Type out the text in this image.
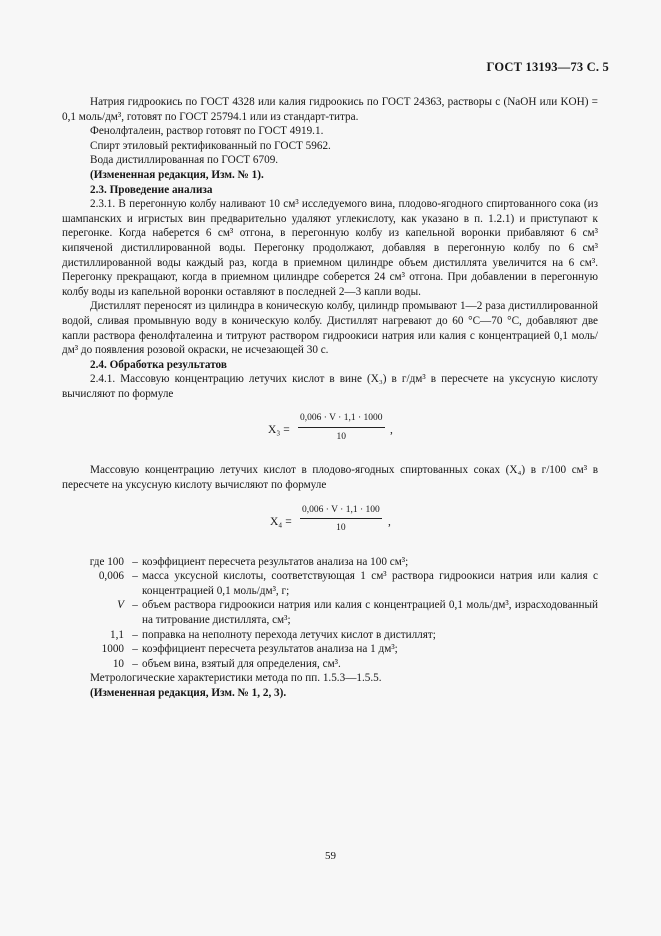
ГОСТ 13193—73 С. 5

Натрия гидроокись по ГОСТ 4328 или калия гидроокись по ГОСТ 24363, растворы c (NaOH или KOH) = 0,1 моль/дм³, готовят по ГОСТ 25794.1 или из стандарт-титра.

Фенолфталеин, раствор готовят по ГОСТ 4919.1.

Спирт этиловый ректификованный по ГОСТ 5962.

Вода дистиллированная по ГОСТ 6709.

(Измененная редакция, Изм. № 1).

2.3. Проведение анализа

2.3.1. В перегонную колбу наливают 10 см³ исследуемого вина, плодово-ягодного спиртованного сока (из шампанских и игристых вин предварительно удаляют углекислоту, как указано в п. 1.2.1) и приступают к перегонке. Когда наберется 6 см³ отгона, в перегонную колбу из капельной воронки прибавляют 6 см³ кипяченой дистиллированной воды. Перегонку продолжают, добавляя в перегонную колбу по 6 см³ дистиллированной воды каждый раз, когда в приемном цилиндре объем дистиллята увеличится на 6 см³. Перегонку прекращают, когда в приемном цилиндре соберется 24 см³ отгона. При добавлении в перегонную колбу воды из капельной воронки оставляют в последней 2—3 капли воды.

Дистиллят переносят из цилиндра в коническую колбу, цилиндр промывают 1—2 раза дистиллированной водой, сливая промывную воду в коническую колбу. Дистиллят нагревают до 60 °С—70 °С, добавляют две капли раствора фенолфталеина и титруют раствором гидроокиси натрия или калия с концентрацией 0,1 моль/дм³ до появления розовой окраски, не исчезающей 30 с.

2.4. Обработка результатов

2.4.1. Массовую концентрацию летучих кислот в вине (X₃) в г/дм³ в пересчете на уксусную кислоту вычисляют по формуле

$X_3 = \frac{0,006 \cdot V \cdot 1,1 \cdot 1000}{10}$ ,

Массовую концентрацию летучих кислот в плодово-ягодных спиртованных соках (X₄) в г/100 см³ в пересчете на уксусную кислоту вычисляют по формуле

$X_4 = \frac{0,006 \cdot V \cdot 1,1 \cdot 100}{10}$ ,
где 100 – коэффициент пересчета результатов анализа на 100 см³;
0,006 – масса уксусной кислоты, соответствующая 1 см³ раствора гидроокиси натрия или калия с концентрацией 0,1 моль/дм³, г;
V – объем раствора гидроокиси натрия или калия с концентрацией 0,1 моль/дм³, израсходованный на титрование дистиллята, см³;
1,1 – поправка на неполноту перехода летучих кислот в дистиллят;
1000 – коэффициент пересчета результатов анализа на 1 дм³;
10 – объем вина, взятый для определения, см³.

Метрологические характеристики метода по пп. 1.5.3—1.5.5.

(Измененная редакция, Изм. № 1, 2, 3).

59
